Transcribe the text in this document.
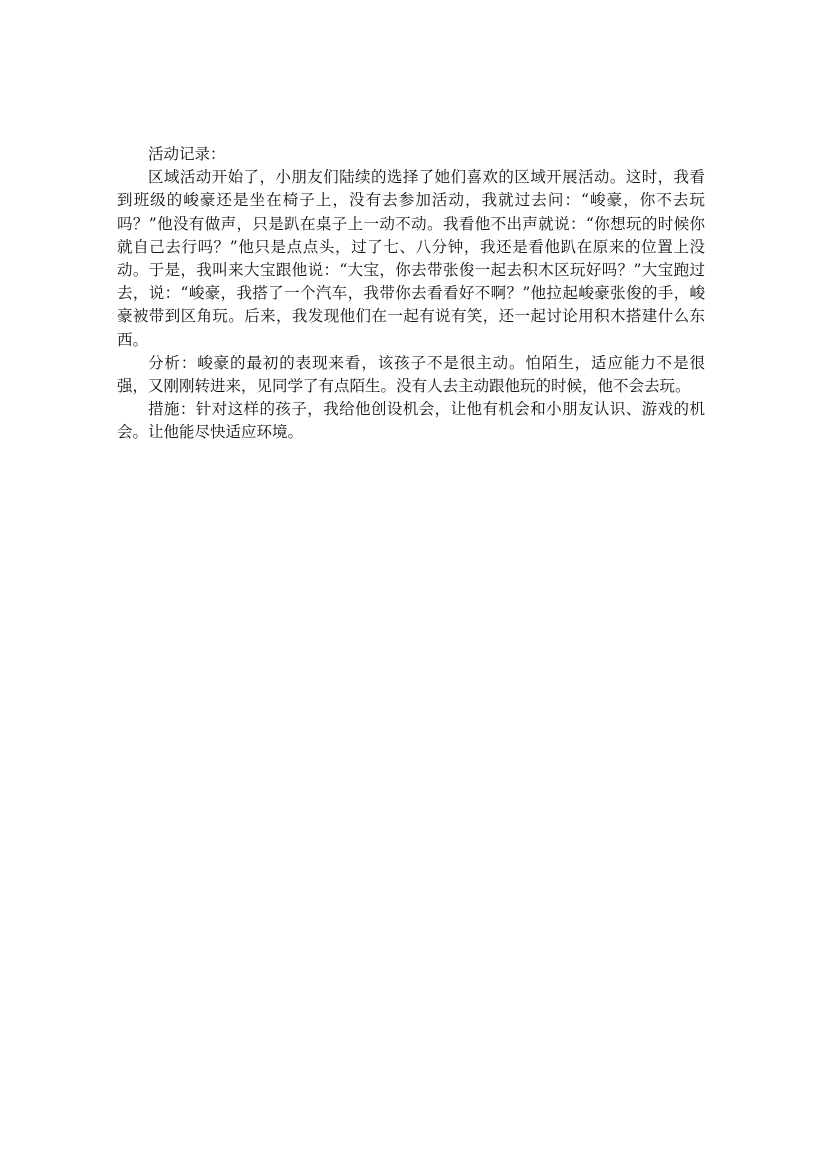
活动记录：

区域活动开始了，小朋友们陆续的选择了她们喜欢的区域开展活动。这时，我看到班级的峻豪还是坐在椅子上，没有去参加活动，我就过去问：“峻豪，你不去玩吗？”他没有做声，只是趴在桌子上一动不动。我看他不出声就说：“你想玩的时候你就自己去行吗？”他只是点点头，过了七、八分钟，我还是看他趴在原来的位置上没动。于是，我叫来大宝跟他说：“大宝，你去带张俊一起去积木区玩好吗？”大宝跑过去，说：“峻豪，我搭了一个汽车，我带你去看看好不啊？”他拉起峻豪张俊的手，峻豪被带到区角玩。后来，我发现他们在一起有说有笑，还一起讨论用积木搭建什么东西。

分析：峻豪的最初的表现来看，该孩子不是很主动。怕陌生，适应能力不是很强，又刚刚转进来，见同学了有点陌生。没有人去主动跟他玩的时候，他不会去玩。

措施：针对这样的孩子，我给他创设机会，让他有机会和小朋友认识、游戏的机会。让他能尽快适应环境。
